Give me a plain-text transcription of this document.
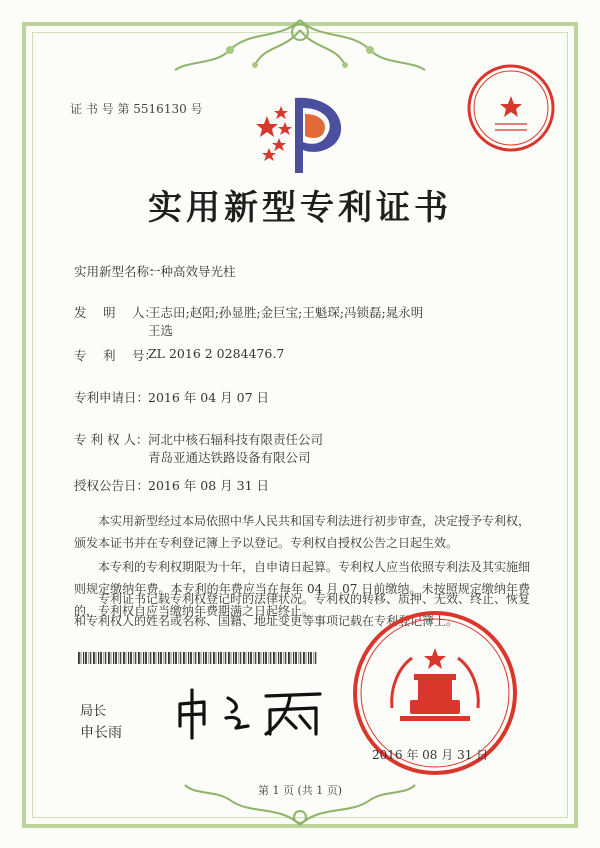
证 书 号 第 5516130 号
实用新型专利证书
实用新型名称：
一种高效导光柱
发　 明　 人：
王志田;赵阳;孙显胜;金巨宝;王魁琛;冯锁磊;晁永明
王选
专　 利　 号：
ZL 2016 2 0284476.7
专利申请日：
2016 年 04 月 07 日
专 利 权 人： 河北中核石辐科技有限责任公司
青岛亚通达铁路设备有限公司
授权公告日：
2016 年 08 月 31 日
本实用新型经过本局依照中华人民共和国专利法进行初步审查，决定授予专利权，颁发本证书并在专利登记簿上予以登记。专利权自授权公告之日起生效。
本专利的专利权期限为十年，自申请日起算。专利权人应当依照专利法及其实施细则规定缴纳年费。本专利的年费应当在每年 04 月 07 日前缴纳。未按照规定缴纳年费的，专利权自应当缴纳年费期满之日起终止。
专利证书记载专利权登记时的法律状况。专利权的转移、质押、无效、终止、恢复和专利权人的姓名或名称、国籍、地址变更等事项记载在专利登记簿上。
局长
申长雨
2016 年 08 月 31 日
第 1 页 (共 1 页)
